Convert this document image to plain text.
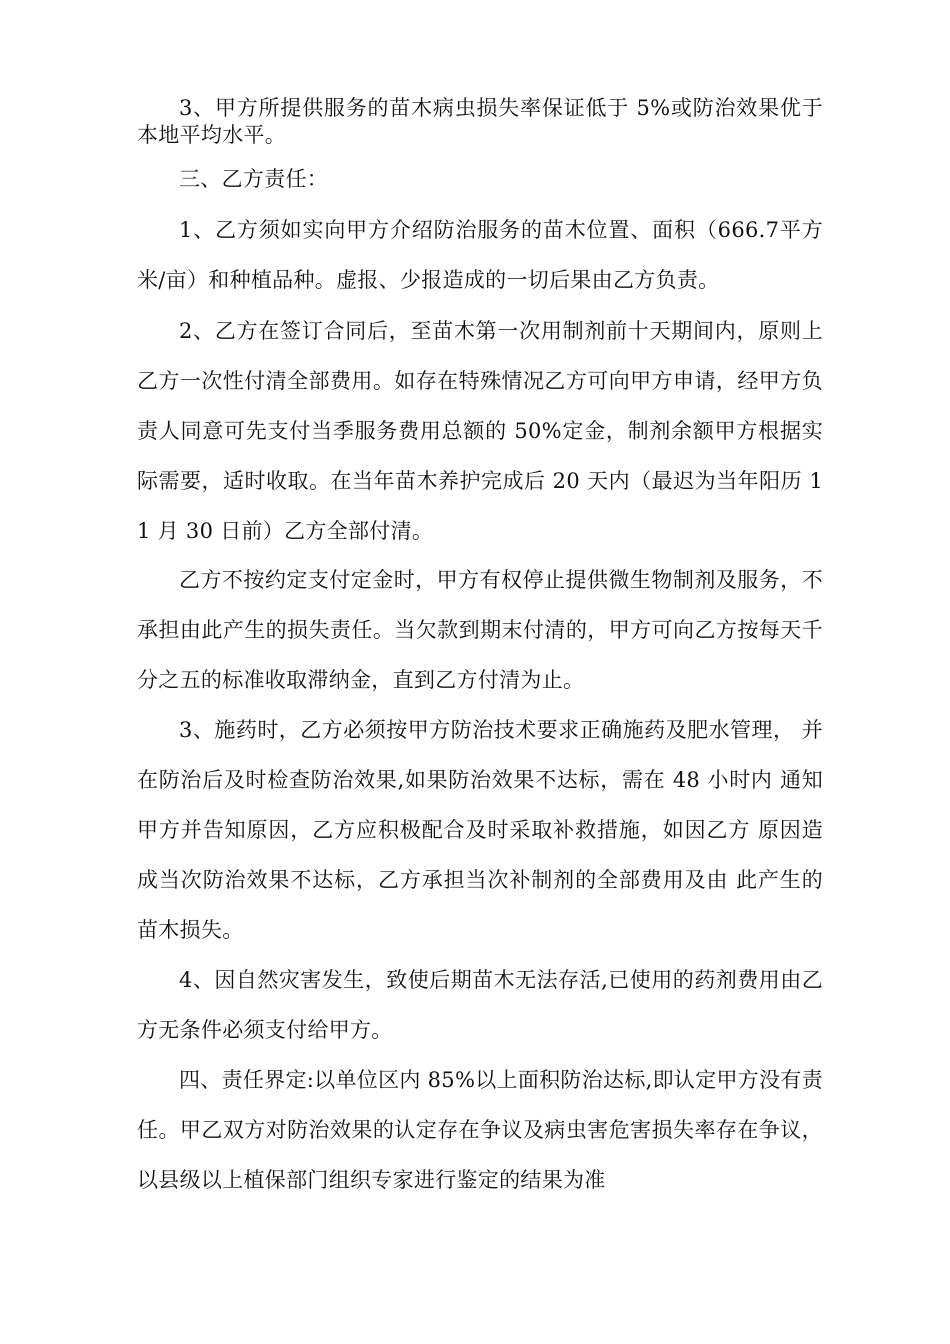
3、甲方所提供服务的苗木病虫损失率保证低于 5%或防治效果优于本地平均水平。

三、乙方责任：

1、乙方须如实向甲方介绍防治服务的苗木位置、面积（666.7平方米/亩）和种植品种。虚报、少报造成的一切后果由乙方负责。

2、乙方在签订合同后，至苗木第一次用制剂前十天期间内，原则上乙方一次性付清全部费用。如存在特殊情况乙方可向甲方申请，经甲方负责人同意可先支付当季服务费用总额的 50%定金，制剂余额甲方根据实际需要，适时收取。在当年苗木养护完成后 20 天内（最迟为当年阳历 11 月 30 日前）乙方全部付清。

乙方不按约定支付定金时，甲方有权停止提供微生物制剂及服务，不承担由此产生的损失责任。当欠款到期末付清的，甲方可向乙方按每天千分之五的标准收取滞纳金，直到乙方付清为止。

3、施药时，乙方必须按甲方防治技术要求正确施药及肥水管理， 并在防治后及时检查防治效果,如果防治效果不达标，需在 48 小时内 通知甲方并告知原因，乙方应积极配合及时采取补救措施，如因乙方 原因造成当次防治效果不达标，乙方承担当次补制剂的全部费用及由 此产生的苗木损失。

4、因自然灾害发生，致使后期苗木无法存活,已使用的药剂费用由乙方无条件必须支付给甲方。

四、责任界定:以单位区内 85%以上面积防治达标,即认定甲方没有责任。甲乙双方对防治效果的认定存在争议及病虫害危害损失率存在争议，以县级以上植保部门组织专家进行鉴定的结果为准
